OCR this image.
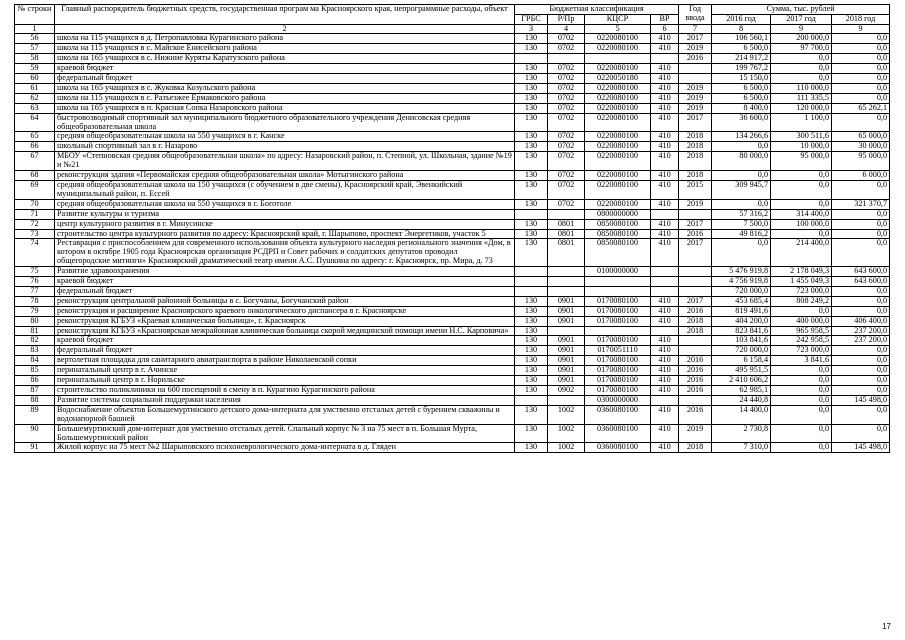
№ строки	Главный распорядитель бюджетных средств, государственная програм ма Красноярского края, непрограммные расходы, объект	Бюджетная классификация				Год ввода	Сумма, тыс. рублей		
		ГРБС	Р/Пр	КЦСР	ВР		2016 год	2017 год	2018 год
1	2	3	4	5	6	7	8	9	9
56	школа на 115 учащихся в д. Петропавловка Курагинского района	130	0702	0220080100	410	2017	106 560,1	200 000,0	0,0
57	школа на 115 учащихся в с. Майское Енисейского района	130	0702	0220080100	410	2019	6 500,0	97 700,0	0,0
58	школа на 165 учащихся в с. Нижние Куряты Каратузского района					2016	214 917,2	0,0	0,0
59	краевой бюджет	130	0702	0220080100	410		199 767,2	0,0	0,0
60	федеральный бюджет	130	0702	0220050180	410		15 150,0	0,0	0,0
61	школа на 165 учащихся в с. Жуковка Козульского района	130	0702	0220080100	410	2019	6 500,0	110 000,0	0,0
62	школа на 115 учащихся в с. Разъезжее Ермаковского района	130	0702	0220080100	410	2019	6 500,0	111 335,5	0,0
63	школа на 165 учащихся в п. Красная Сопка Назаровского района	130	0702	0220080100	410	2019	8 400,0	120 000,0	65 262,1
64	быстровозводимый спортивный зал муниципального бюджетного образовательного учреждения Денисовская средняя общеобразовательная школа	130	0702	0220080100	410	2017	36 600,0	1 100,0	0,0
65	средняя общеобразовательная школа на 550 учащихся в г. Канске	130	0702	0220080100	410	2018	134 266,6	300 511,6	65 000,0
66	школьный спортивный зал в г. Назарово	130	0702	0220080100	410	2018	0,0	10 000,0	30 000,0
67	МБОУ «Степновская средняя общеобразовательная школа» по адресу: Назаровский район, п. Степной, ул. Школьная, здание №19 и №21	130	0702	0220080100	410	2018	80 000,0	95 000,0	95 000,0
68	реконструкция здания «Первомайская средняя общеобразовательная школа» Мотыгинского района	130	0702	0220080100	410	2018	0,0	0,0	6 000,0
69	средняя общеобразовательная школа на 150 учащихся (с обучением в две смены), Красноярский край, Эвенкийский муниципальный район, п. Ессей	130	0702	0220080100	410	2015	309 945,7	0,0	0,0
70	средняя общеобразовательная школа на 550 учащихся в г. Боготоле	130	0702	0220080100	410	2019	0,0	0,0	321 370,7
71	Развитие культуры и туризма			0800000000			57 316,2	314 400,0	0,0
72	центр культурного развития в г. Минусинске	130	0801	0850080100	410	2017	7 500,0	100 000,0	0,0
73	строительство центра культурного развития по адресу: Красноярский край, г. Шарыпово, проспект Энергетиков, участок 5	130	0801	0850080100	410	2016	49 816,2	0,0	0,0
74	Реставрация с приспособлением для современного использования объекта культурного наследия регионального значения «Дом, в котором в октябре 1905 года Красноярская организация РСДРП и Совет рабочих и солдатских депутатов проводил общегородские митинги» Красноярский драматический театр имени А.С. Пушкина по адресу: г. Красноярск, пр. Мира, д. 73	130	0801	0850080100	410	2017	0,0	214 400,0	0,0
75	Развитие здравоохранения			0100000000			5 476 919,8	2 178 049,3	643 600,0
76	краевой бюджет						4 756 919,8	1 455 049,3	643 600,0
77	федеральный бюджет						720 000,0	723 000,0	0,0
78	реконструкция центральной районной больницы в с. Богучаны, Богучанский район	130	0901	0170080100	410	2017	453 685,4	808 249,2	0,0
79	реконструкция и расширение Красноярского краевого онкологического диспансера в г. Красноярске	130	0901	0170080100	410	2016	819 491,6	0,0	0,0
80	реконструкция КГБУЗ «Краевая клиническая больница», г. Красноярск	130	0901	0170080100	410	2018	404 200,0	400 000,0	406 400,0
81	реконструкция КГБУЗ «Красноярская межрайонная клиническая больница скорой медицинской помощи имени Н.С. Карповича»	130				2018	823 841,6	965 958,5	237 200,0
82	краевой бюджет	130	0901	0170080100	410		103 841,6	242 958,5	237 200,0
83	федеральный бюджет	130	0901	0170051110	410		720 000,0	723 000,0	0,0
84	вертолетная площадка для санитарного авиатранспорта в районе Николаевской сопки	130	0901	0170080100	410	2016	6 158,4	3 841,6	0,0
85	перинатальный центр в г. Ачинске	130	0901	0170080100	410	2016	495 951,5	0,0	0,0
86	перинатальный центр в г. Норильске	130	0901	0170080100	410	2016	2 410 606,2	0,0	0,0
87	строительство поликлиники на 600 посещений в смену в п. Курагино Курагинского района	130	0902	0170080100	410	2016	62 985,1	0,0	0,0
88	Развитие системы социальной поддержки населения			0300000000			24 440,8	0,0	145 498,0
89	Водоснабжение объектов Большемуртинского детского дома-интерната для умственно отсталых детей с бурением скважины и водонапорной башней	130	1002	0360080100	410	2016	14 400,0	0,0	0,0
90	Большемуртинский дом-интернат для умственно отсталых детей. Спальный корпус № 3 на 75 мест в п. Большая Мурта, Большемуртинский район	130	1002	0360080100	410	2019	2 730,8	0,0	0,0
91	Жилой корпус на 75 мест №2 Шарыповского психоневрологического дома-интерната в д. Гляден	130	1002	0360080100	410	2018	7 310,0	0,0	145 498,0
17
